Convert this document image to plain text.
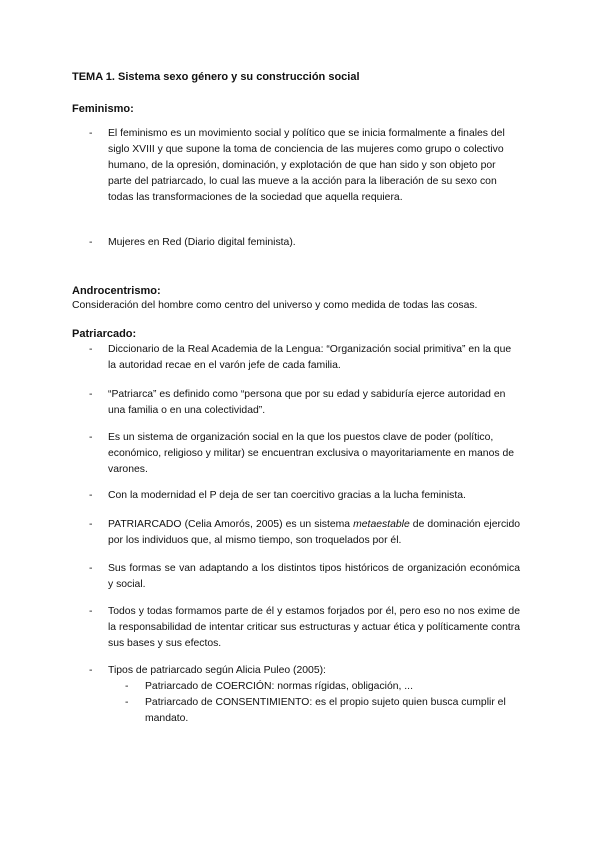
TEMA 1. Sistema sexo género y su construcción social
Feminismo:
- El feminismo es un movimiento social y político que se inicia formalmente a finales del siglo XVIII y que supone la toma de conciencia de las mujeres como grupo o colectivo humano, de la opresión, dominación, y explotación de que han sido y son objeto por parte del patriarcado, lo cual las mueve a la acción para la liberación de su sexo con todas las transformaciones de la sociedad que aquella requiera.

- Mujeres en Red (Diario digital feminista).

Androcentrismo:
Consideración del hombre como centro del universo y como medida de todas las cosas.
Patriarcado:
- Diccionario de la Real Academia de la Lengua: “Organización social primitiva” en la que la autoridad recae en el varón jefe de cada familia.

- “Patriarca” es definido como “persona que por su edad y sabiduría ejerce autoridad en una familia o en una colectividad”.

- Es un sistema de organización social en la que los puestos clave de poder (político, económico, religioso y militar) se encuentran exclusiva o mayoritariamente en manos de varones.

- Con la modernidad el P deja de ser tan coercitivo gracias a la lucha feminista.

- PATRIARCADO (Celia Amorós, 2005) es un sistema metaestable de dominación ejercido por los individuos que, al mismo tiempo, son troquelados por él.

- Sus formas se van adaptando a los distintos tipos históricos de organización económica y social.

- Todos y todas formamos parte de él y estamos forjados por él, pero eso no nos exime de la responsabilidad de intentar criticar sus estructuras y actuar ética y políticamente contra sus bases y sus efectos.

- Tipos de patriarcado según Alicia Puleo (2005):

- Patriarcado de COERCIÓN: normas rígidas, obligación, ...

- Patriarcado de CONSENTIMIENTO: es el propio sujeto quien busca cumplir el mandato.
